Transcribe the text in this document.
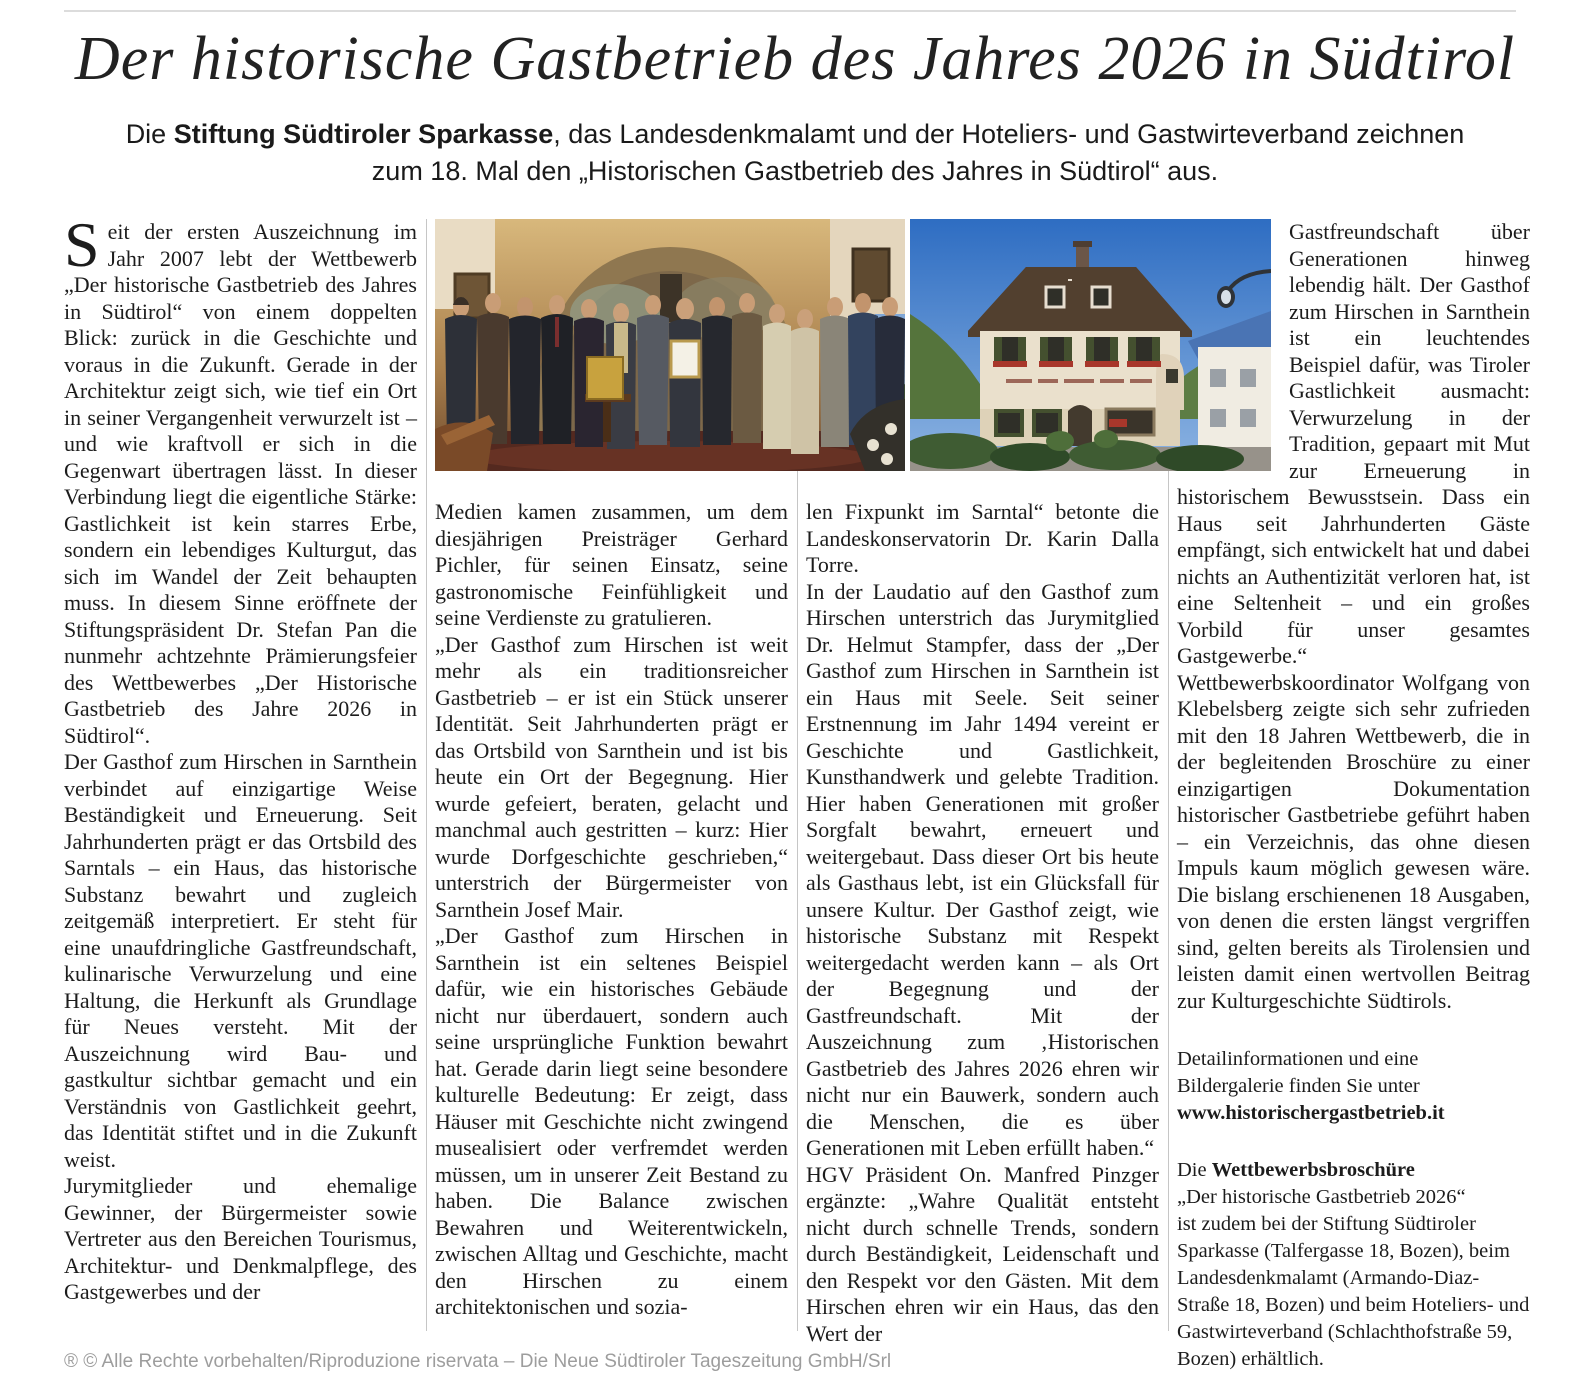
Der historische Gastbetrieb des Jahres 2026 in Südtirol
Die Stiftung Südtiroler Sparkasse, das Landesdenkmalamt und der Hoteliers- und Gastwirteverband zeichnen
zum 18. Mal den „Historischen Gastbetrieb des Jahres in Südtirol“ aus.

Seit der ersten Auszeichnung im Jahr 2007 lebt der Wettbewerb „Der historische Gastbetrieb des Jahres in Südtirol“ von einem doppelten Blick: zurück in die Geschichte und voraus in die Zukunft. Gerade in der Architektur zeigt sich, wie tief ein Ort in seiner Vergangenheit verwurzelt ist – und wie kraftvoll er sich in die Gegenwart übertragen lässt. In dieser Verbindung liegt die eigentliche Stärke: Gastlichkeit ist kein starres Erbe, sondern ein lebendiges Kulturgut, das sich im Wandel der Zeit behaupten muss. In diesem Sinne eröffnete der Stiftungspräsident Dr. Stefan Pan die nunmehr achtzehnte Prämierungsfeier des Wettbewerbes „Der Historische Gastbetrieb des Jahre 2026 in Südtirol“.

Der Gasthof zum Hirschen in Sarnthein verbindet auf einzigartige Weise Beständigkeit und Erneuerung. Seit Jahrhunderten prägt er das Ortsbild des Sarntals – ein Haus, das historische Substanz bewahrt und zugleich zeitgemäß interpretiert. Er steht für eine unaufdringliche Gastfreundschaft, kulinarische Verwurzelung und eine Haltung, die Herkunft als Grundlage für Neues versteht. Mit der Auszeichnung wird Bau- und gastkultur sichtbar gemacht und ein Verständnis von Gastlichkeit geehrt, das Identität stiftet und in die Zukunft weist.

Jurymitglieder und ehemalige Gewinner, der Bürgermeister sowie Vertreter aus den Bereichen Tourismus, Architektur- und Denkmalpflege, des Gastgewerbes und der

Medien kamen zusammen, um dem diesjährigen Preisträger Gerhard Pichler, für seinen Einsatz, seine gastronomische Feinfühligkeit und seine Verdienste zu gratulieren.

„Der Gasthof zum Hirschen ist weit mehr als ein traditionsreicher Gastbetrieb – er ist ein Stück unserer Identität. Seit Jahrhunderten prägt er das Ortsbild von Sarnthein und ist bis heute ein Ort der Begegnung. Hier wurde gefeiert, beraten, gelacht und manchmal auch gestritten – kurz: Hier wurde Dorfgeschichte geschrieben,“ unterstrich der Bürgermeister von Sarnthein Josef Mair.

„Der Gasthof zum Hirschen in Sarnthein ist ein seltenes Beispiel dafür, wie ein historisches Gebäude nicht nur überdauert, sondern auch seine ursprüngliche Funktion bewahrt hat. Gerade darin liegt seine besondere kulturelle Bedeutung: Er zeigt, dass Häuser mit Geschichte nicht zwingend musealisiert oder verfremdet werden müssen, um in unserer Zeit Bestand zu haben. Die Balance zwischen Bewahren und Weiterentwickeln, zwischen Alltag und Geschichte, macht den Hirschen zu einem architektonischen und sozia-

len Fixpunkt im Sarntal“ betonte die Landeskonservatorin Dr. Karin Dalla Torre.

In der Laudatio auf den Gasthof zum Hirschen unterstrich das Jurymitglied Dr. Helmut Stampfer, dass der „Der Gasthof zum Hirschen in Sarnthein ist ein Haus mit Seele. Seit seiner Erstnennung im Jahr 1494 vereint er Geschichte und Gastlichkeit, Kunsthandwerk und gelebte Tradition. Hier haben Generationen mit großer Sorgfalt bewahrt, erneuert und weitergebaut. Dass dieser Ort bis heute als Gasthaus lebt, ist ein Glücksfall für unsere Kultur. Der Gasthof zeigt, wie historische Substanz mit Respekt weitergedacht werden kann – als Ort der Begegnung und der Gastfreundschaft. Mit der Auszeichnung zum ‚Historischen Gastbetrieb des Jahres 2026 ehren wir nicht nur ein Bauwerk, sondern auch die Menschen, die es über Generationen mit Leben erfüllt haben.“

HGV Präsident On. Manfred Pinzger ergänzte: „Wahre Qualität entsteht nicht durch schnelle Trends, sondern durch Beständigkeit, Leidenschaft und den Respekt vor den Gästen. Mit dem Hirschen ehren wir ein Haus, das den Wert der

Gastfreundschaft über Generationen hinweg lebendig hält. Der Gasthof zum Hirschen in Sarnthein ist ein leuchtendes Beispiel dafür, was Tiroler Gastlichkeit ausmacht: Verwurzelung in der Tradition, gepaart mit Mut zur Erneuerung in historischem Bewusstsein. Dass ein Haus seit Jahrhunderten Gäste empfängt, sich entwickelt hat und dabei nichts an Authentizität verloren hat, ist eine Seltenheit – und ein großes Vorbild für unser gesamtes Gastgewerbe.“

Wettbewerbskoordinator Wolfgang von Klebelsberg zeigte sich sehr zufrieden mit den 18 Jahren Wettbewerb, die in der begleitenden Broschüre zu einer einzigartigen Dokumentation historischer Gastbetriebe geführt haben – ein Verzeichnis, das ohne diesen Impuls kaum möglich gewesen wäre. Die bislang erschienenen 18 Ausgaben, von denen die ersten längst vergriffen sind, gelten bereits als Tirolensien und leisten damit einen wertvollen Beitrag zur Kulturgeschichte Südtirols.

Detailinformationen und eine
Bildergalerie finden Sie unter
www.historischergastbetrieb.it
Die Wettbewerbsbroschüre
„Der historische Gastbetrieb 2026“
ist zudem bei der Stiftung Südtiroler Sparkasse (Talfergasse 18, Bozen), beim Landesdenkmalamt (Armando-Diaz-Straße 18, Bozen) und beim Hoteliers- und Gastwirteverband (Schlachthofstraße 59, Bozen) erhältlich.
® © Alle Rechte vorbehalten/Riproduzione riservata – Die Neue Südtiroler Tageszeitung GmbH/Srl
